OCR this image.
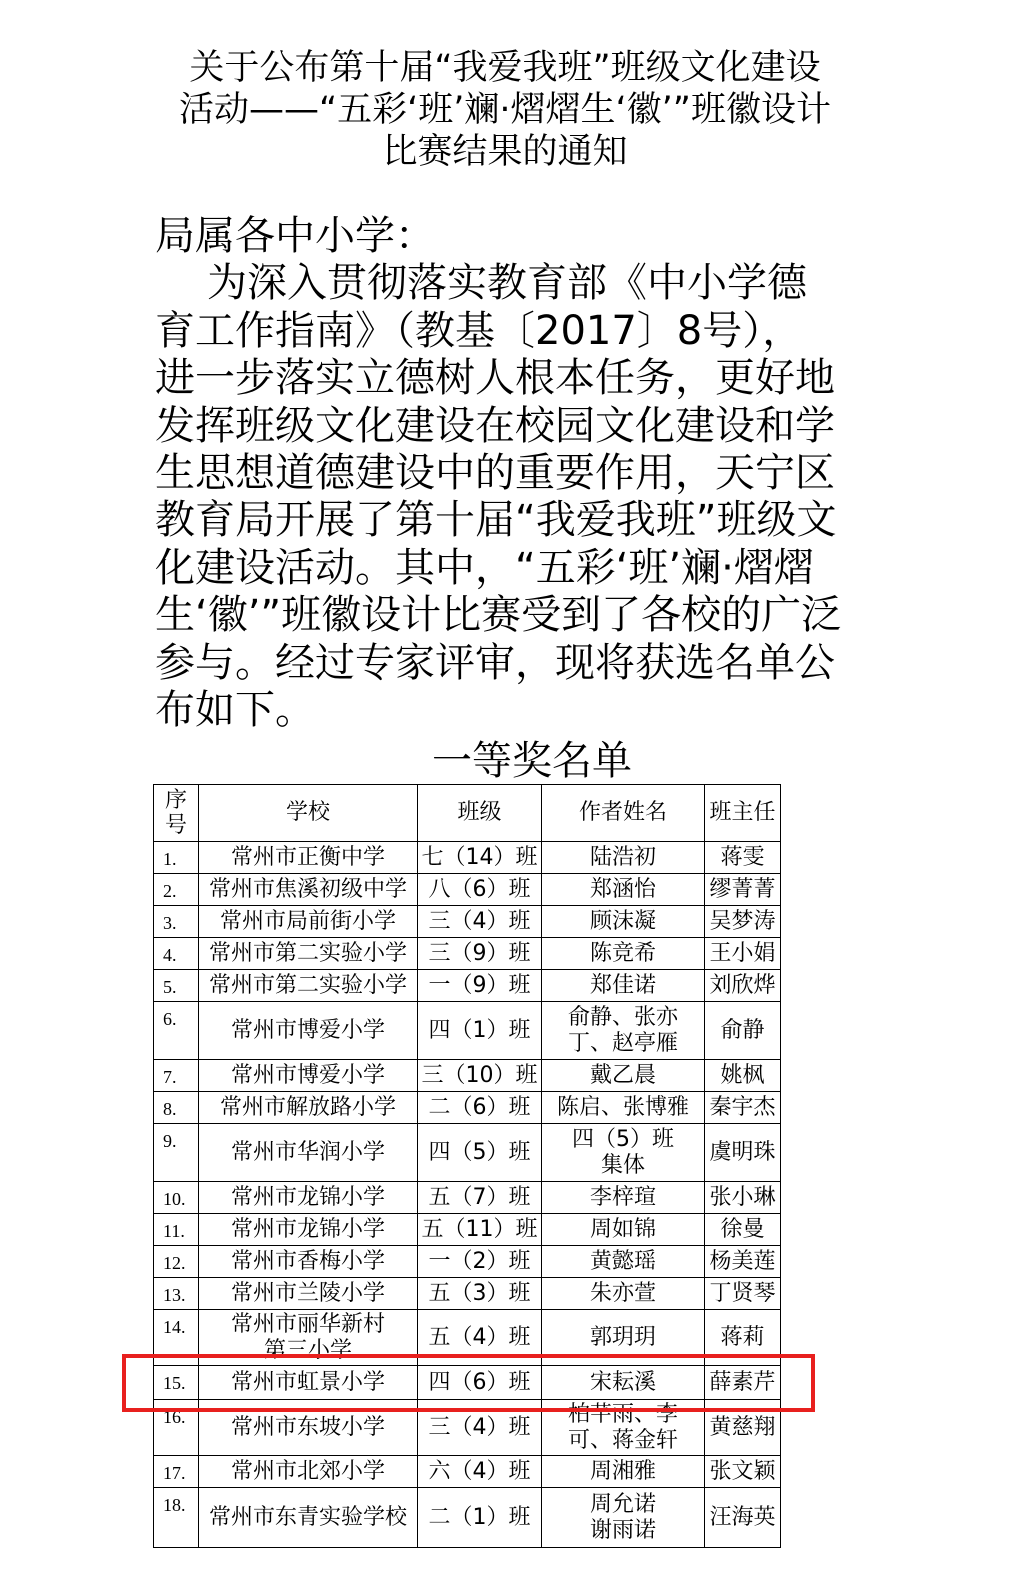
关于公布第十届“我爱我班”班级文化建设
活动——“五彩‘班’斓·熠熠生‘徽’”班徽设计
比赛结果的通知
局属各中小学：
为深入贯彻落实教育部《中小学德
育工作指南》（教基〔2017〕8号），
进一步落实立德树人根本任务，更好地
发挥班级文化建设在校园文化建设和学
生思想道德建设中的重要作用，天宁区
教育局开展了第十届“我爱我班”班级文
化建设活动。其中，“五彩‘班’斓·熠熠
生‘徽’”班徽设计比赛受到了各校的广泛
参与。经过专家评审，现将获选名单公
布如下。
一等奖名单
序
号	学校	班级	作者姓名	班主任
1.	常州市正衡中学	七（14）班	陆浩初	蒋雯
2.	常州市焦溪初级中学	八（6）班	郑涵怡	缪菁菁
3.	常州市局前街小学	三（4）班	顾沫凝	吴梦涛
4.	常州市第二实验小学	三（9）班	陈竞希	王小娟
5.	常州市第二实验小学	一（9）班	郑佳诺	刘欣烨
6.	常州市博爱小学	四（1）班	俞静、张亦
丁、赵亭雁	俞静
7.	常州市博爱小学	三（10）班	戴乙晨	姚枫
8.	常州市解放路小学	二（6）班	陈启、张博雅	秦宇杰
9.	常州市华润小学	四（5）班	四（5）班
集体	虞明珠
10.	常州市龙锦小学	五（7）班	李梓瑄	张小琳
11.	常州市龙锦小学	五（11）班	周如锦	徐曼
12.	常州市香梅小学	一（2）班	黄懿瑶	杨美莲
13.	常州市兰陵小学	五（3）班	朱亦萱	丁贤琴
14.	常州市丽华新村
第三小学	五（4）班	郭玥玥	蒋莉
15.	常州市虹景小学	四（6）班	宋耘溪	薛素芹
16.	常州市东坡小学	三（4）班	柏芊雨、李
可、蒋金轩	黄慈翔
17.	常州市北郊小学	六（4）班	周湘雅	张文颖
18.	常州市东青实验学校	二（1）班	周允诺
谢雨诺	汪海英
